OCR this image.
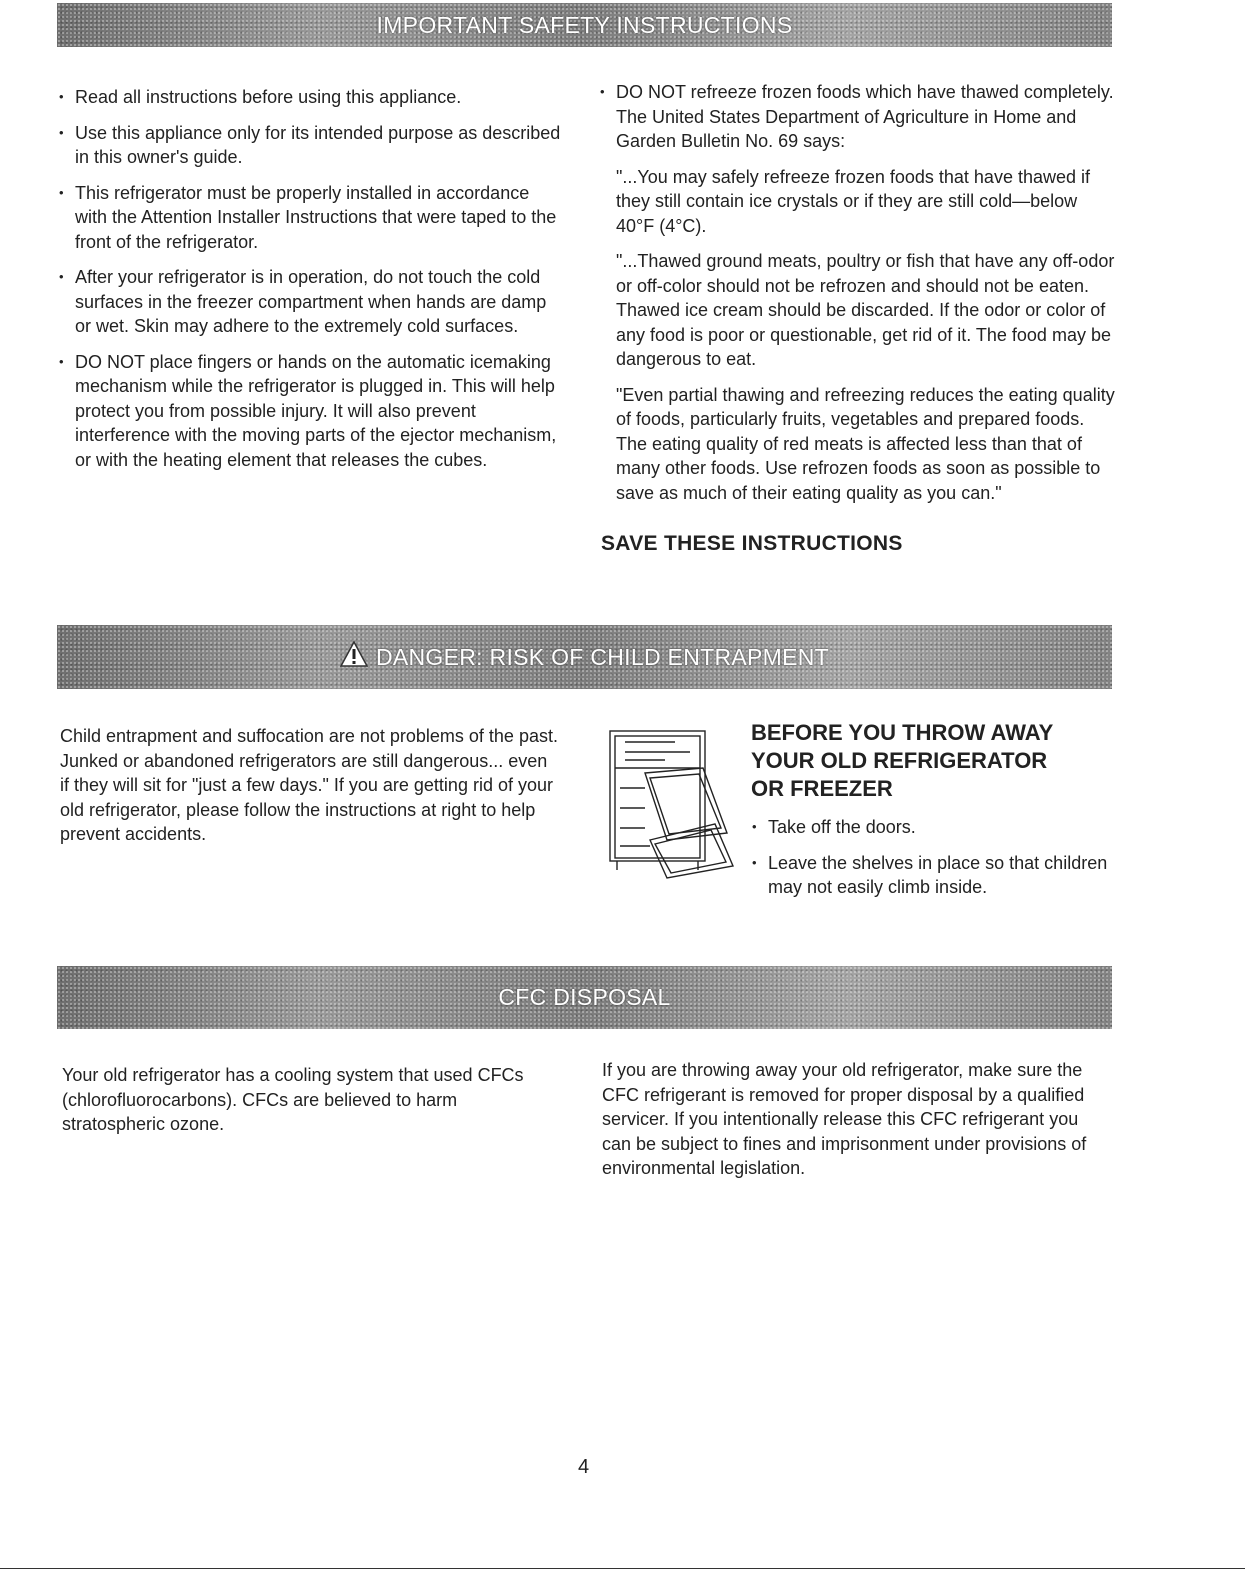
IMPORTANT SAFETY INSTRUCTIONS
• Read all instructions before using this appliance.
• Use this appliance only for its intended purpose as described in this owner's guide.
• This refrigerator must be properly installed in accordance with the Attention Installer Instructions that were taped to the front of the refrigerator.
• After your refrigerator is in operation, do not touch the cold surfaces in the freezer compartment when hands are damp or wet. Skin may adhere to the extremely cold surfaces.
• DO NOT place fingers or hands on the automatic icemaking mechanism while the refrigerator is plugged in. This will help protect you from possible injury. It will also prevent interference with the moving parts of the ejector mechanism, or with the heating element that releases the cubes.
• DO NOT refreeze frozen foods which have thawed completely. The United States Department of Agriculture in Home and Garden Bulletin No. 69 says:

"...You may safely refreeze frozen foods that have thawed if they still contain ice crystals or if they are still cold—below 40°F (4°C).

"...Thawed ground meats, poultry or fish that have any off-odor or off-color should not be refrozen and should not be eaten. Thawed ice cream should be discarded. If the odor or color of any food is poor or questionable, get rid of it. The food may be dangerous to eat.

"Even partial thawing and refreezing reduces the eating quality of foods, particularly fruits, vegetables and prepared foods. The eating quality of red meats is affected less than that of many other foods. Use refrozen foods as soon as possible to save as much of their eating quality as you can."

SAVE THESE INSTRUCTIONS
DANGER: RISK OF CHILD ENTRAPMENT
Child entrapment and suffocation are not problems of the past. Junked or abandoned refrigerators are still dangerous... even if they will sit for "just a few days." If you are getting rid of your old refrigerator, please follow the instructions at right to help prevent accidents.
BEFORE YOU THROW AWAY
YOUR OLD REFRIGERATOR
OR FREEZER
• Take off the doors.
• Leave the shelves in place so that children may not easily climb inside.
CFC DISPOSAL
Your old refrigerator has a cooling system that used CFCs (chlorofluorocarbons). CFCs are believed to harm stratospheric ozone.
If you are throwing away your old refrigerator, make sure the CFC refrigerant is removed for proper disposal by a qualified servicer. If you intentionally release this CFC refrigerant you can be subject to fines and imprisonment under provisions of environmental legislation.
4
